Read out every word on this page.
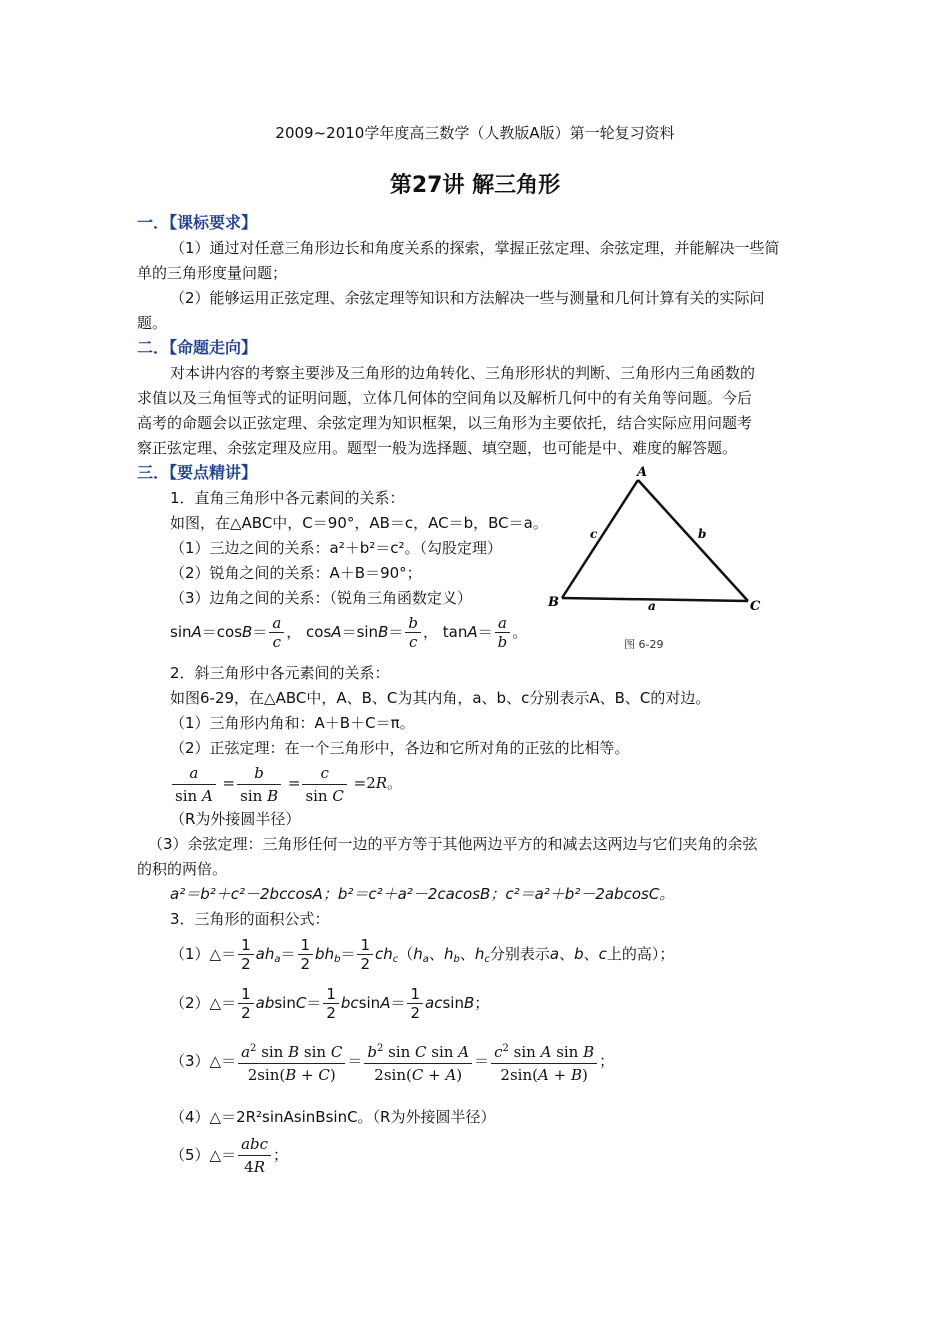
2009~2010学年度高三数学（人教版A版）第一轮复习资料
第27讲 解三角形
一．【课标要求】
（1）通过对任意三角形边长和角度关系的探索，掌握正弦定理、余弦定理，并能解决一些简
单的三角形度量问题；
（2）能够运用正弦定理、余弦定理等知识和方法解决一些与测量和几何计算有关的实际问
题。
二．【命题走向】
对本讲内容的考察主要涉及三角形的边角转化、三角形形状的判断、三角形内三角函数的
求值以及三角恒等式的证明问题，立体几何体的空间角以及解析几何中的有关角等问题。今后
高考的命题会以正弦定理、余弦定理为知识框架，以三角形为主要依托，结合实际应用问题考
察正弦定理、余弦定理及应用。题型一般为选择题、填空题，也可能是中、难度的解答题。
三．【要点精讲】
1．直角三角形中各元素间的关系：
如图，在△ABC中，C＝90°，AB＝c，AC＝b，BC＝a。
（1）三边之间的关系：a²＋b²＝c²。（勾股定理）
（2）锐角之间的关系：A＋B＝90°；
（3）边角之间的关系：（锐角三角函数定义）
$\sin A=\cos B= \frac{a}{c}$ ， $\cos A=\sin B= \frac{b}{c}$ ， $\tan A= \frac{a}{b}$ 。
A
B	C
a
b
c
图 6-29
2．斜三角形中各元素间的关系：
如图6-29，在△ABC中，A、B、C为其内角，a、b、c分别表示A、B、C的对边。
（1）三角形内角和：A＋B＋C＝π。
（2）正弦定理：在一个三角形中，各边和它所对角的正弦的比相等。
$\frac{a}{\text{sin A}} = \frac{b}{\text{sin B}} = \frac{c}{\text{sin C}} =2R$。
（R为外接圆半径）
（3）余弦定理：三角形任何一边的平方等于其他两边平方的和减去这两边与它们夹角的余弦
的积的两倍。
a²＝b²＋c²－2bccosA；b²＝c²＋a²－2cacosB；c²＝a²＋b²－2abcosC。
3．三角形的面积公式：
（1）△＝ $\frac{1}{2} ah_a= \frac{1}{2} bh_b= \frac{1}{2} ch_c(h_a$、$h_b$、$h_c$分别表示a、b、c上的高）；
（2）△＝ $\frac{1}{2} absinC= \frac{1}{2} bcsinA= \frac{1}{2}$ acsinB；
（3）△＝ $\frac{a^2 \sin B \sin C}{2\sin(B + C)} = \frac{b^2 \sin C \sin A}{2\sin(C + A)} = \frac{c^2 \sin A \sin B}{2\sin(A + B)}$ ；
（4）△＝2R²sinAsinBsinC。（R为外接圆半径）
（5）△＝ $\frac{\text{abc}}{4R}$ ；
